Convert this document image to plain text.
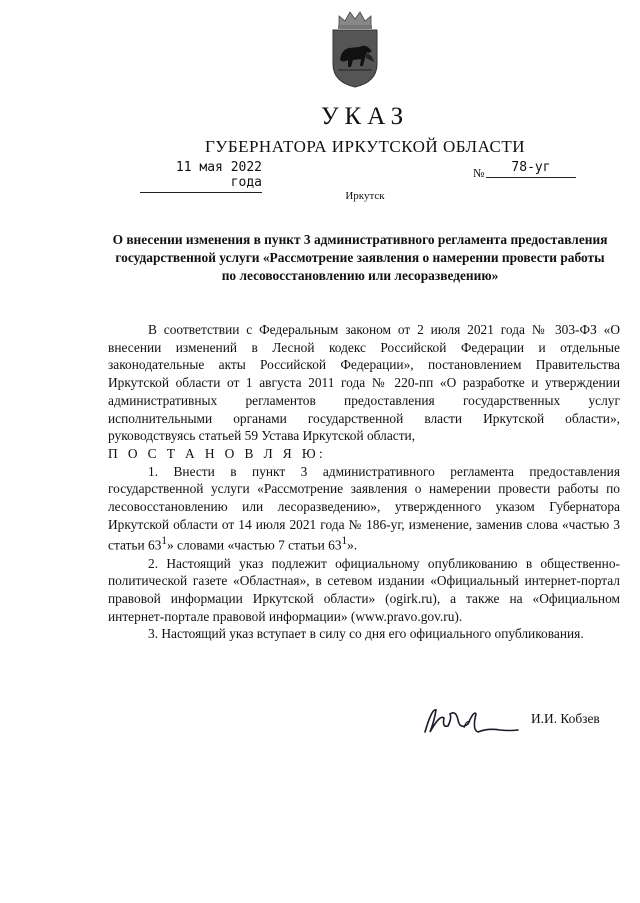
УКАЗ
ГУБЕРНАТОРА ИРКУТСКОЙ ОБЛАСТИ
11 мая 2022 года
№	78-уг
Иркутск
О внесении изменения в пункт 3 административного регламента предоставления государственной услуги «Рассмотрение заявления о намерении провести работы по лесовосстановлению или лесоразведению»

В соответствии с Федеральным законом от 2 июля 2021 года № 303-ФЗ «О внесении изменений в Лесной кодекс Российской Федерации и отдельные законодательные акты Российской Федерации», постановлением Правительства Иркутской области от 1 августа 2011 года № 220-пп «О разработке и утверждении административных регламентов предоставления государственных услуг исполнительными органами государственной власти Иркутской области», руководствуясь статьей 59 Устава Иркутской области,

П О С Т А Н О В Л Я Ю:

1. Внести в пункт 3 административного регламента предоставления государственной услуги «Рассмотрение заявления о намерении провести работы по лесовосстановлению или лесоразведению», утвержденного указом Губернатора Иркутской области от 14 июля 2021 года № 186-уг, изменение, заменив слова «частью 3 статьи $63^1$» словами «частью 7 статьи $63^1$».

2. Настоящий указ подлежит официальному опубликованию в общественно-политической газете «Областная», в сетевом издании «Официальный интернет-портал правовой информации Иркутской области» (ogirk.ru), а также на «Официальном интернет-портале правовой информации» (www.pravo.gov.ru).

3. Настоящий указ вступает в силу со дня его официального опубликования.

И.И. Кобзев
